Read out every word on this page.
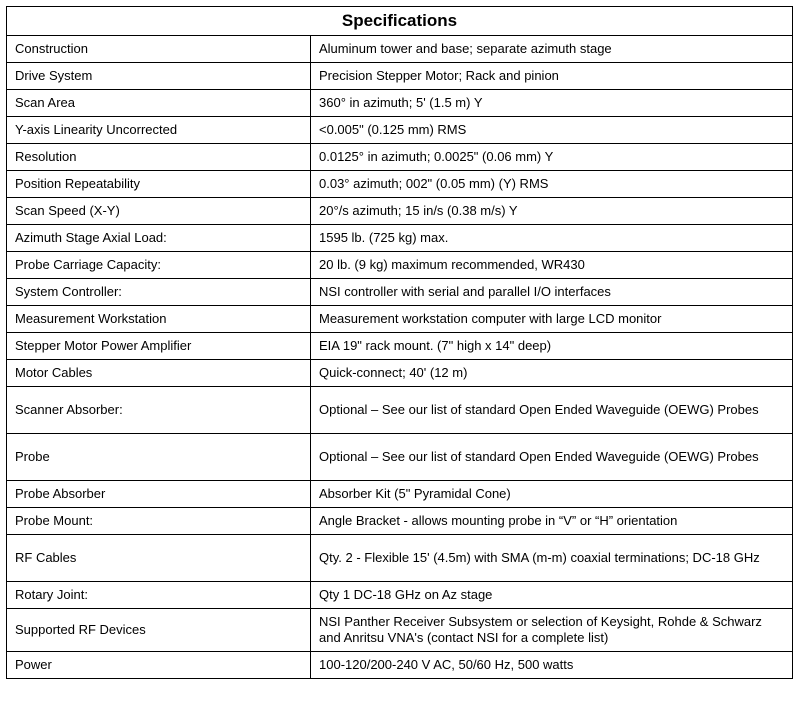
Specifications	
Construction	Aluminum tower and base; separate azimuth stage
Drive System	Precision Stepper Motor; Rack and pinion
Scan Area	360° in azimuth; 5' (1.5 m) Y
Y-axis Linearity Uncorrected	<0.005" (0.125 mm) RMS
Resolution	0.0125° in azimuth; 0.0025" (0.06 mm) Y
Position Repeatability	0.03° azimuth; 002" (0.05 mm) (Y) RMS
Scan Speed (X-Y)	20°/s azimuth; 15 in/s (0.38 m/s) Y
Azimuth Stage Axial Load:	1595 lb. (725 kg) max.
Probe Carriage Capacity:	20 lb. (9 kg) maximum recommended, WR430
System Controller:	NSI controller with serial and parallel I/O interfaces
Measurement Workstation	Measurement workstation computer with large LCD monitor
Stepper Motor Power Amplifier	EIA 19" rack mount. (7" high x 14" deep)
Motor Cables	Quick-connect; 40' (12 m)
Scanner Absorber:	Optional – See our list of standard Open Ended Waveguide (OEWG) Probes
Probe	Optional – See our list of standard Open Ended Waveguide (OEWG) Probes
Probe Absorber	Absorber Kit (5" Pyramidal Cone)
Probe Mount:	Angle Bracket - allows mounting probe in “V” or “H” orientation
RF Cables	Qty. 2 - Flexible 15' (4.5m) with SMA (m-m) coaxial terminations; DC-18 GHz
Rotary Joint:	Qty 1 DC-18 GHz on Az stage
Supported RF Devices	NSI Panther Receiver Subsystem or selection of Keysight, Rohde & Schwarz and Anritsu VNA's (contact NSI for a complete list)
Power	100-120/200-240 V AC, 50/60 Hz, 500 watts
